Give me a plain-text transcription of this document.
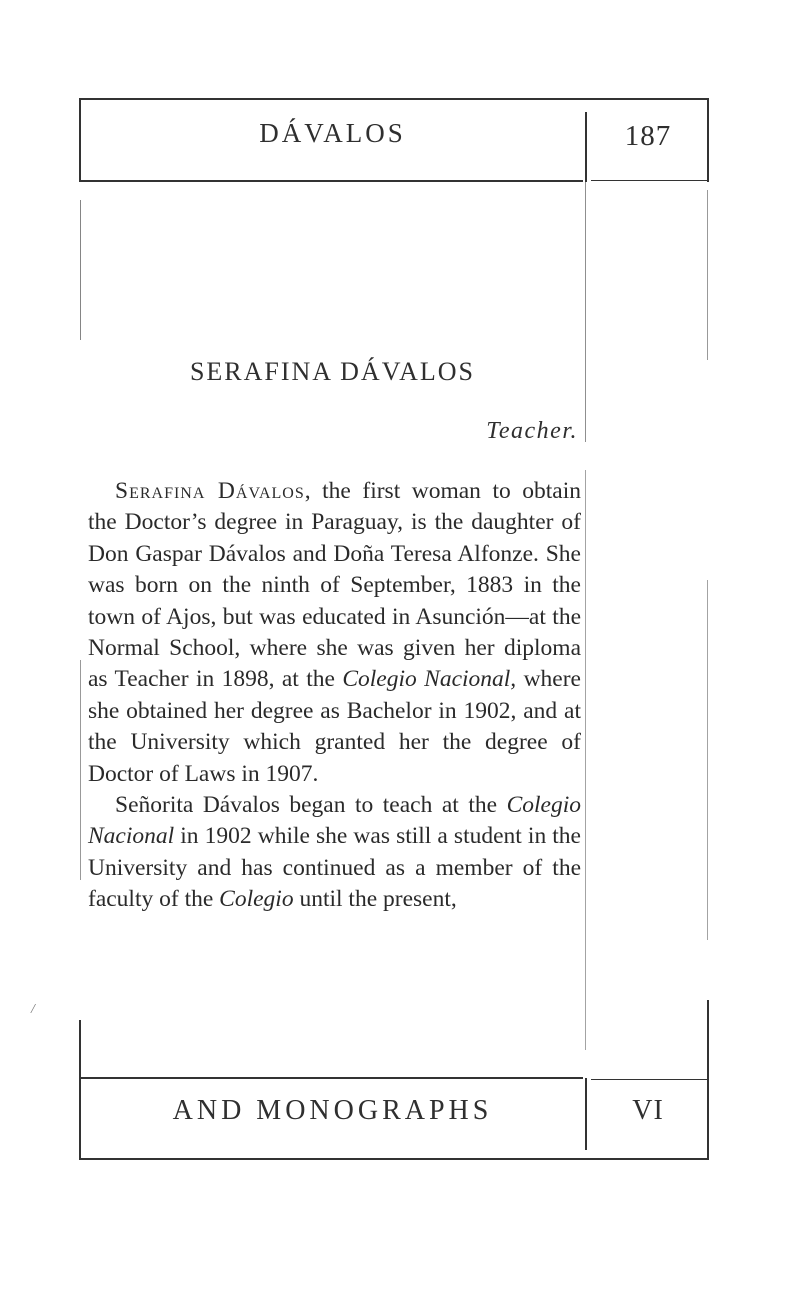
DÁVALOS	187
SERAFINA DÁVALOS
Teacher.

Serafina Dávalos, the first woman to obtain the Doctor’s degree in Paraguay, is the daughter of Don Gaspar Dávalos and Doña Teresa Alfonze. She was born on the ninth of September, 1883 in the town of Ajos, but was educated in Asunción—at the Normal School, where she was given her diploma as Teacher in 1898, at the Colegio Nacional, where she obtained her degree as Bachelor in 1902, and at the University which granted her the degree of Doctor of Laws in 1907.

Señorita Dávalos began to teach at the Colegio Nacional in 1902 while she was still a student in the University and has continued as a member of the faculty of the Colegio until the present,

AND MONOGRAPHS	VI
/
